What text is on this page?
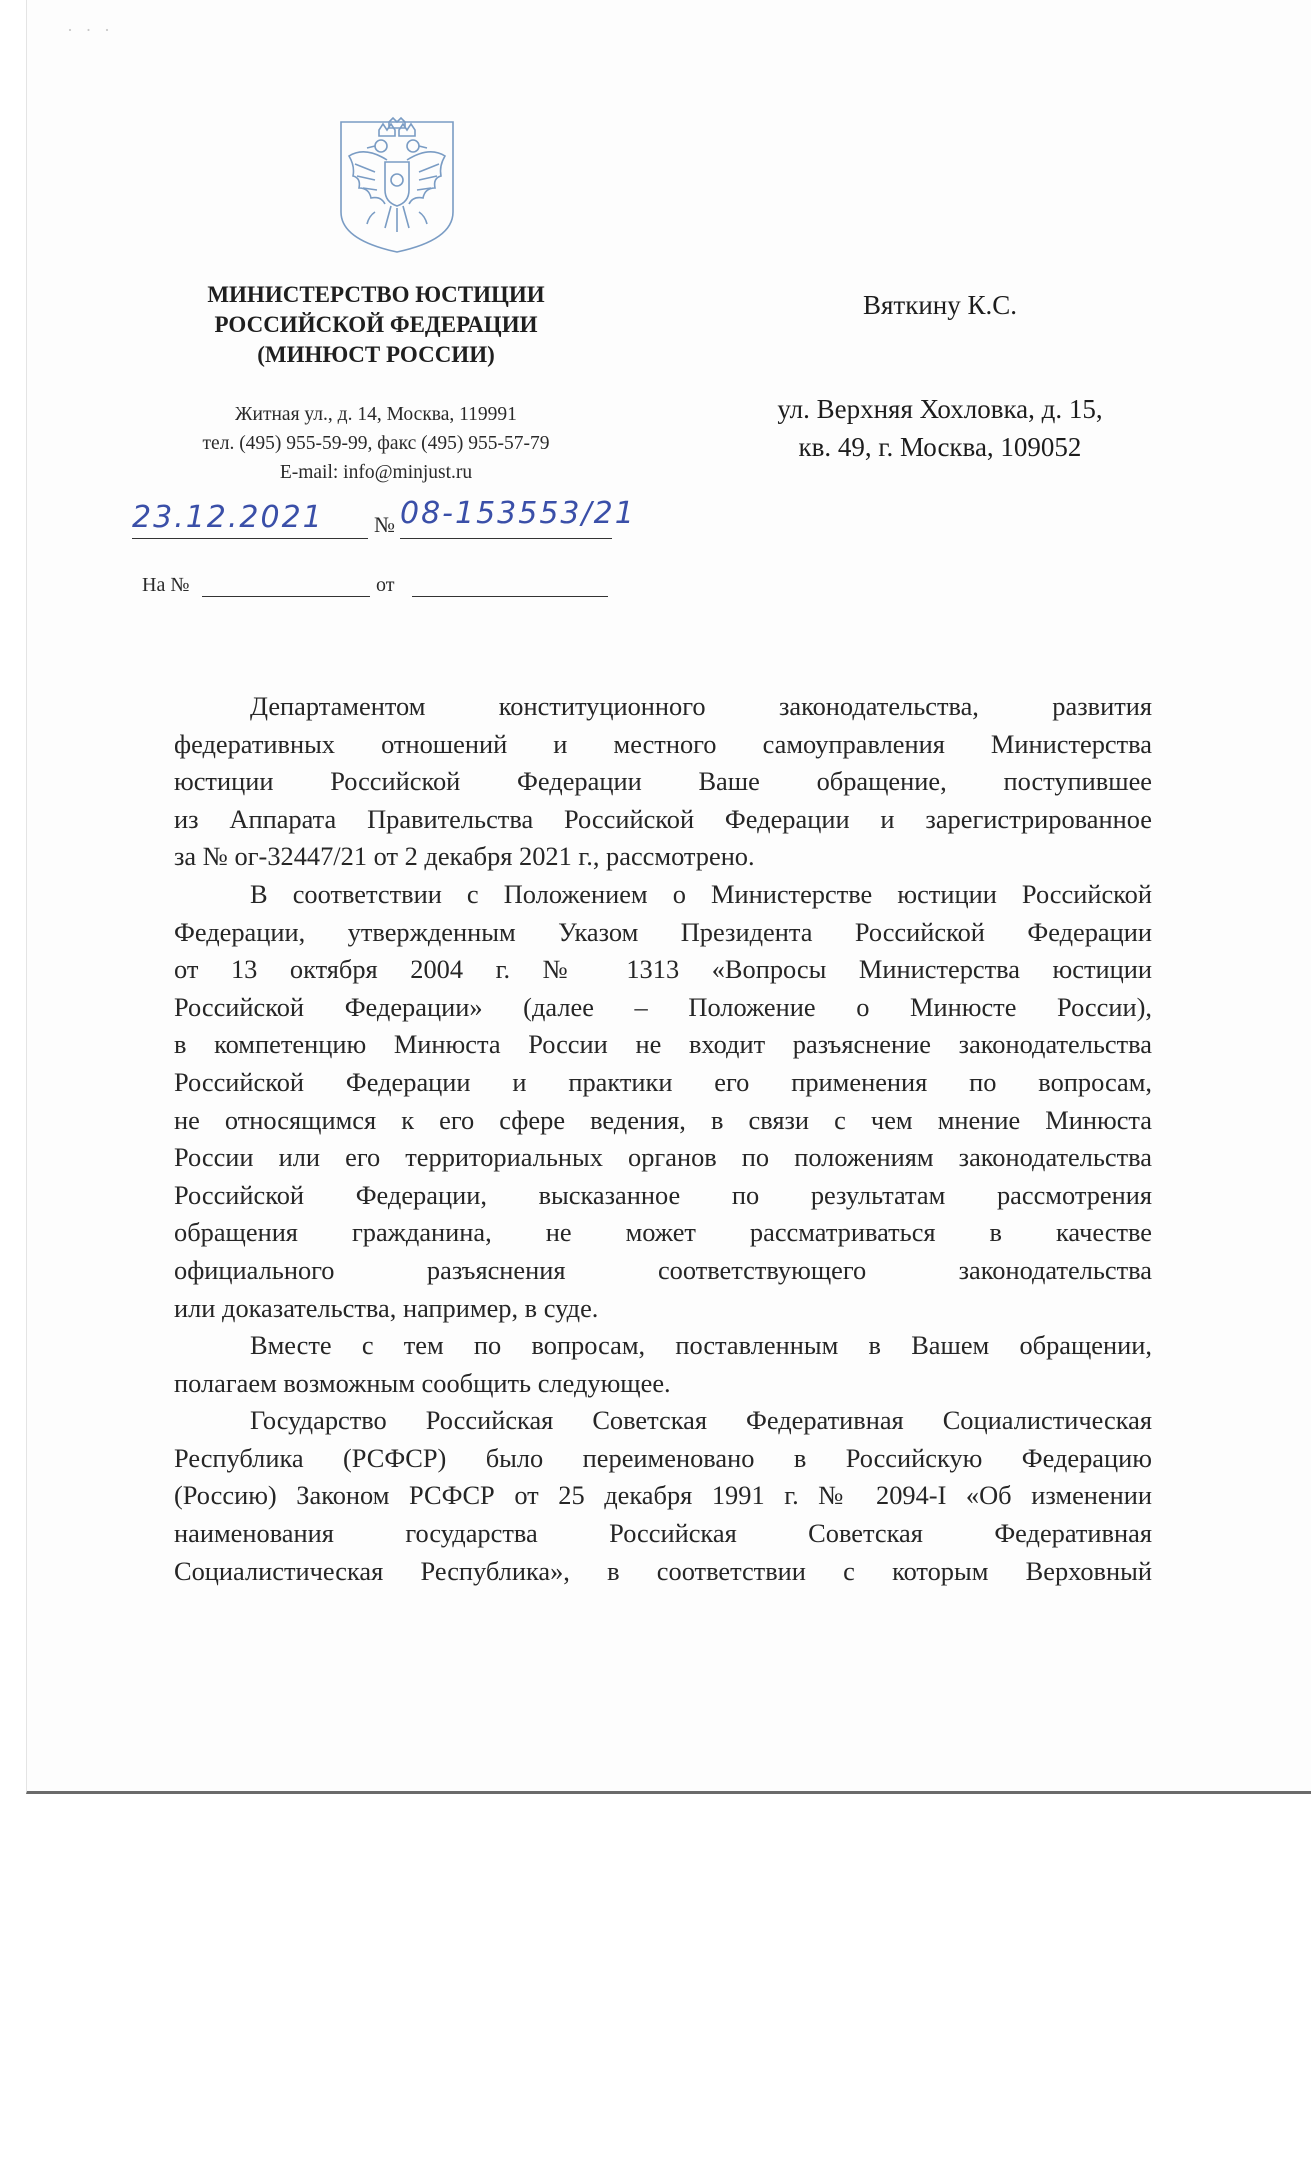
· · ·
МИНИСТЕРСТВО ЮСТИЦИИ
РОССИЙСКОЙ ФЕДЕРАЦИИ
(МИНЮСТ РОССИИ)
Житная ул., д. 14, Москва, 119991
тел. (495) 955-59-99, факс (495) 955-57-79
E-mail: info@minjust.ru
23.12.2021 № 08-153553/21
На №	от
Вяткину К.С.
ул. Верхняя Хохловка, д. 15,
кв. 49, г. Москва, 109052
Департаментом конституционного законодательства, развития
федеративных отношений и местного самоуправления Министерства
юстиции Российской Федерации Ваше обращение, поступившее
из Аппарата Правительства Российской Федерации и зарегистрированное
за № ог-32447/21 от 2 декабря 2021 г., рассмотрено.
В соответствии с Положением о Министерстве юстиции Российской
Федерации, утвержденным Указом Президента Российской Федерации
от 13 октября 2004 г. № 1313 «Вопросы Министерства юстиции
Российской Федерации» (далее – Положение о Минюсте России),
в компетенцию Минюста России не входит разъяснение законодательства
Российской Федерации и практики его применения по вопросам,
не относящимся к его сфере ведения, в связи с чем мнение Минюста
России или его территориальных органов по положениям законодательства
Российской Федерации, высказанное по результатам рассмотрения
обращения гражданина, не может рассматриваться в качестве
официального разъяснения соответствующего законодательства
или доказательства, например, в суде.
Вместе с тем по вопросам, поставленным в Вашем обращении,
полагаем возможным сообщить следующее.
Государство Российская Советская Федеративная Социалистическая
Республика (РСФСР) было переименовано в Российскую Федерацию
(Россию) Законом РСФСР от 25 декабря 1991 г. № 2094-I «Об изменении
наименования государства Российская Советская Федеративная
Социалистическая Республика», в соответствии с которым Верховный
